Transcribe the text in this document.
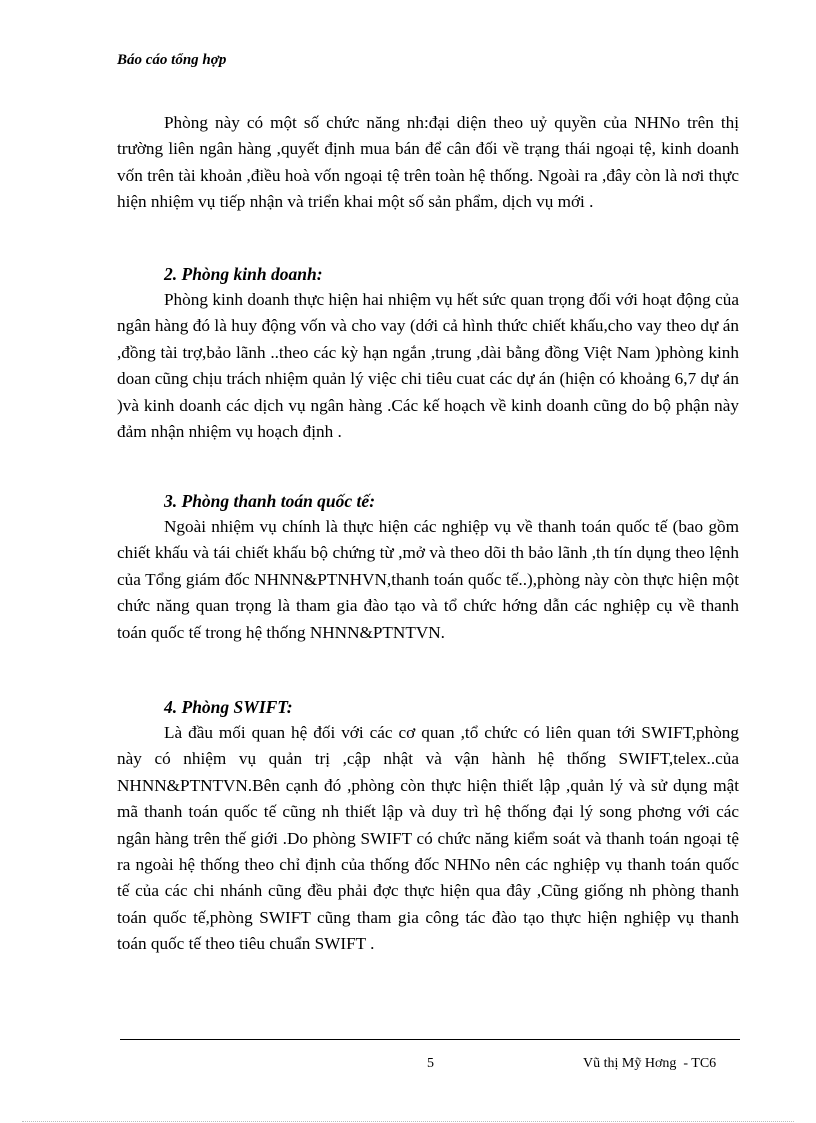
Báo cáo tổng hợp

Phòng này có một số chức năng nh:đại diện theo uỷ quyền của NHNo trên thị trường liên ngân hàng ,quyết định mua bán để cân đối về trạng thái ngoại tệ, kinh doanh vốn trên tài khoản ,điều hoà vốn ngoại tệ trên toàn hệ thống. Ngoài ra ,đây còn là nơi thực hiện nhiệm vụ tiếp nhận và triển khai một số sản phẩm, dịch vụ mới .

2. Phòng kinh doanh:

Phòng kinh doanh thực hiện hai nhiệm vụ hết sức quan trọng đối với hoạt động của ngân hàng đó là huy động vốn và cho vay (dới cả hình thức chiết khấu,cho vay theo dự án ,đồng tài trợ,bảo lãnh ..theo các kỳ hạn ngắn ,trung ,dài bằng đồng Việt Nam )phòng kinh doan cũng chịu trách nhiệm quản lý việc chi tiêu cuat các dự án (hiện có khoảng 6,7 dự án )và kinh doanh các dịch vụ ngân hàng .Các kế hoạch về kinh doanh cũng do bộ phận này đảm nhận nhiệm vụ hoạch định .

3. Phòng thanh toán quốc tế:

Ngoài nhiệm vụ chính là thực hiện các nghiệp vụ về thanh toán quốc tế (bao gồm chiết khấu và tái chiết khấu bộ chứng từ ,mở và theo dõi th bảo lãnh ,th tín dụng theo lệnh của Tổng giám đốc NHNN&PTNHVN,thanh toán quốc tế..),phòng này còn thực hiện một chức năng quan trọng là tham gia đào tạo và tổ chức hớng dẫn các nghiệp cụ về thanh toán quốc tế trong hệ thống NHNN&PTNTVN.

4. Phòng SWIFT:

Là đầu mối quan hệ đối với các cơ quan ,tổ chức có liên quan tới SWIFT,phòng này có nhiệm vụ quản trị ,cập nhật và vận hành hệ thống SWIFT,telex..của NHNN&PTNTVN.Bên cạnh đó ,phòng còn thực hiện thiết lập ,quản lý và sử dụng mật mã thanh toán quốc tế cũng nh thiết lập và duy trì hệ thống đại lý song phơng với các ngân hàng trên thế giới .Do phòng SWIFT có chức năng kiểm soát và thanh toán ngoại tệ ra ngoài hệ thống theo chỉ định của thống đốc NHNo nên các nghiệp vụ thanh toán quốc tế của các chi nhánh cũng đều phải đợc thực hiện qua đây ,Cũng giống nh phòng thanh toán quốc tế,phòng SWIFT cũng tham gia công tác đào tạo thực hiện nghiệp vụ thanh toán quốc tế theo tiêu chuẩn SWIFT .

5	Vũ thị Mỹ Hơng  - TC6
